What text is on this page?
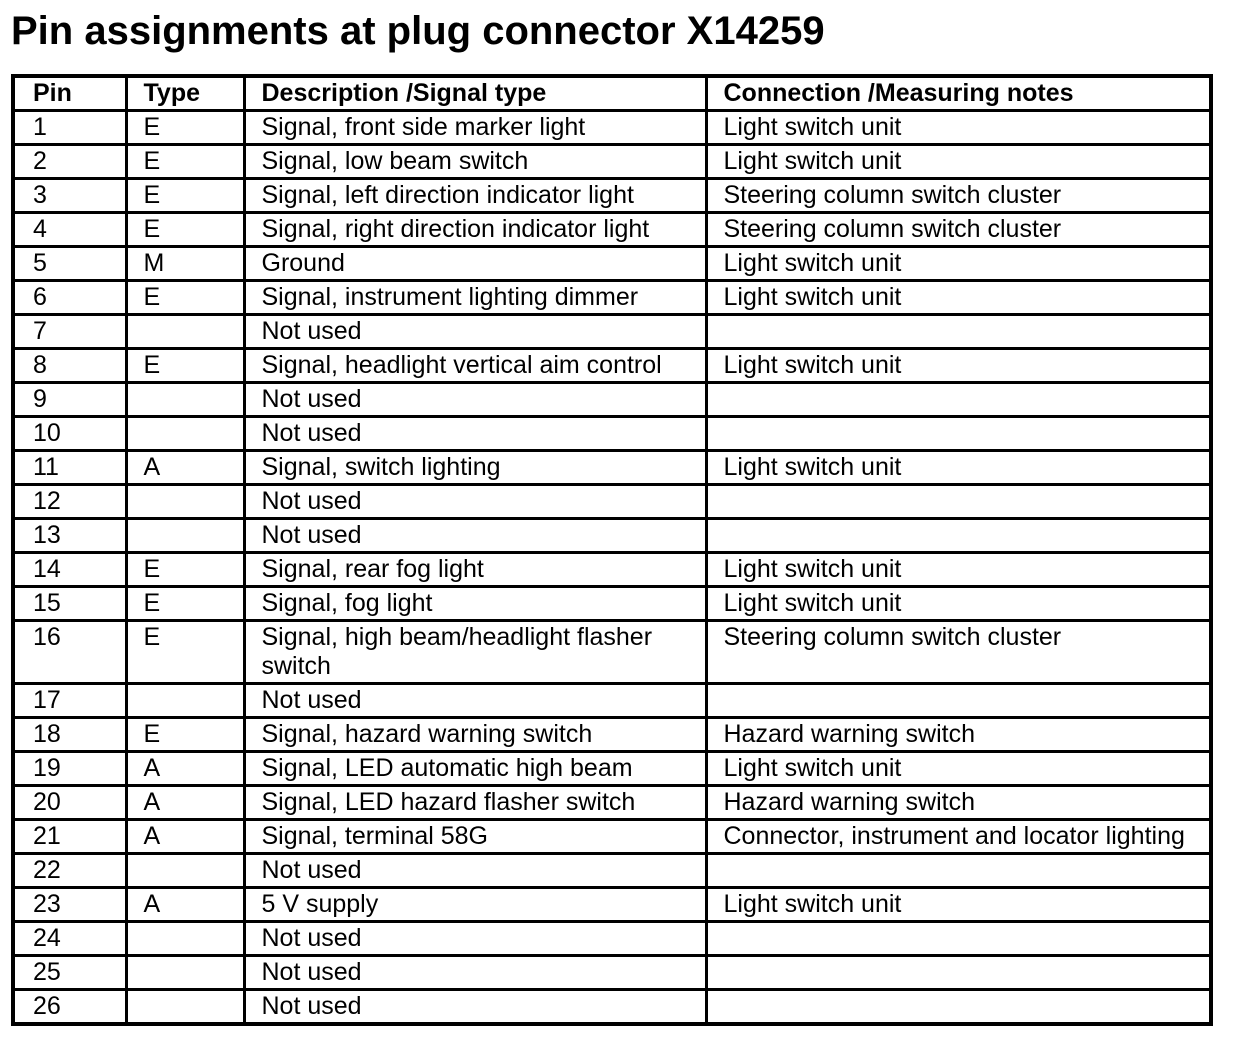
Pin assignments at plug connector X14259
Pin	Type	Description /Signal type	Connection /Measuring notes
1	E	Signal, front side marker light	Light switch unit
2	E	Signal, low beam switch	Light switch unit
3	E	Signal, left direction indicator light	Steering column switch cluster
4	E	Signal, right direction indicator light	Steering column switch cluster
5	M	Ground	Light switch unit
6	E	Signal, instrument lighting dimmer	Light switch unit
7		Not used	
8	E	Signal, headlight vertical aim control	Light switch unit
9		Not used	
10		Not used	
11	A	Signal, switch lighting	Light switch unit
12		Not used	
13		Not used	
14	E	Signal, rear fog light	Light switch unit
15	E	Signal, fog light	Light switch unit
16	E	Signal, high beam/headlight flasher switch	Steering column switch cluster
17		Not used	
18	E	Signal, hazard warning switch	Hazard warning switch
19	A	Signal, LED automatic high beam	Light switch unit
20	A	Signal, LED hazard flasher switch	Hazard warning switch
21	A	Signal, terminal 58G	Connector, instrument and locator lighting
22		Not used	
23	A	5 V supply	Light switch unit
24		Not used	
25		Not used	
26		Not used	
